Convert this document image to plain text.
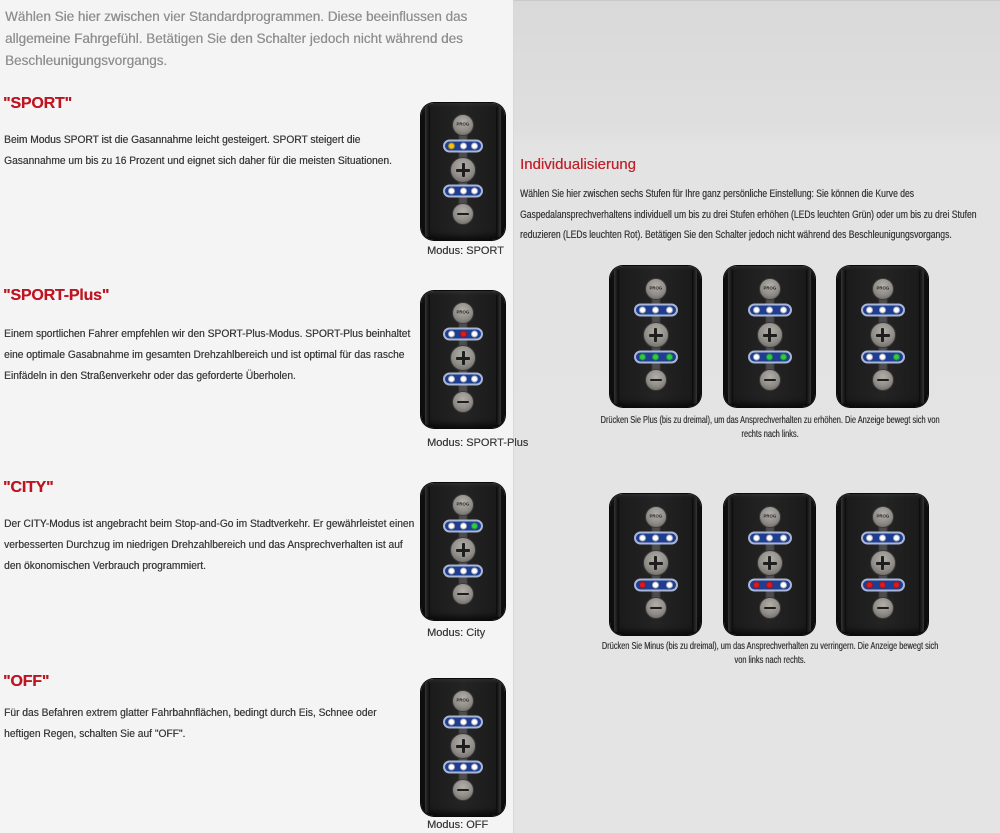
Wählen Sie hier zwischen vier Standardprogrammen. Diese beeinflussen das allgemeine Fahrgefühl. Betätigen Sie den Schalter jedoch nicht während des Beschleunigungsvorgangs.

"SPORT"

Beim Modus SPORT ist die Gasannahme leicht gesteigert. SPORT steigert die Gasannahme um bis zu 16 Prozent und eignet sich daher für die meisten Situationen.

"SPORT-Plus"

Einem sportlichen Fahrer empfehlen wir den SPORT-Plus-Modus. SPORT-Plus beinhaltet eine optimale Gasabnahme im gesamten Drehzahlbereich und ist optimal für das rasche Einfädeln in den Straßenverkehr oder das geforderte Überholen.

"CITY"

Der CITY-Modus ist angebracht beim Stop-and-Go im Stadtverkehr. Er gewährleistet einen verbesserten Durchzug im niedrigen Drehzahlbereich und das Ansprechverhalten ist auf den ökonomischen Verbrauch programmiert.

"OFF"

Für das Befahren extrem glatter Fahrbahnflächen, bedingt durch Eis, Schnee oder heftigen Regen, schalten Sie auf "OFF".

PROG

Modus: SPORT

PROG

Modus: SPORT-Plus

PROG

Modus: City

PROG

Modus: OFF

Individualisierung

Wählen Sie hier zwischen sechs Stufen für Ihre ganz persönliche Einstellung: Sie können die Kurve des Gaspedalansprechverhaltens individuell um bis zu drei Stufen erhöhen (LEDs leuchten Grün) oder um bis zu drei Stufen reduzieren (LEDs leuchten Rot). Betätigen Sie den Schalter jedoch nicht während des Beschleunigungsvorgangs.

PROG	PROG	PROG

Drücken Sie Plus (bis zu dreimal), um das Ansprechverhalten zu erhöhen. Die Anzeige bewegt sich von rechts nach links.

PROG	PROG	PROG

Drücken Sie Minus (bis zu dreimal), um das Ansprechverhalten zu verringern. Die Anzeige bewegt sich von links nach rechts.
